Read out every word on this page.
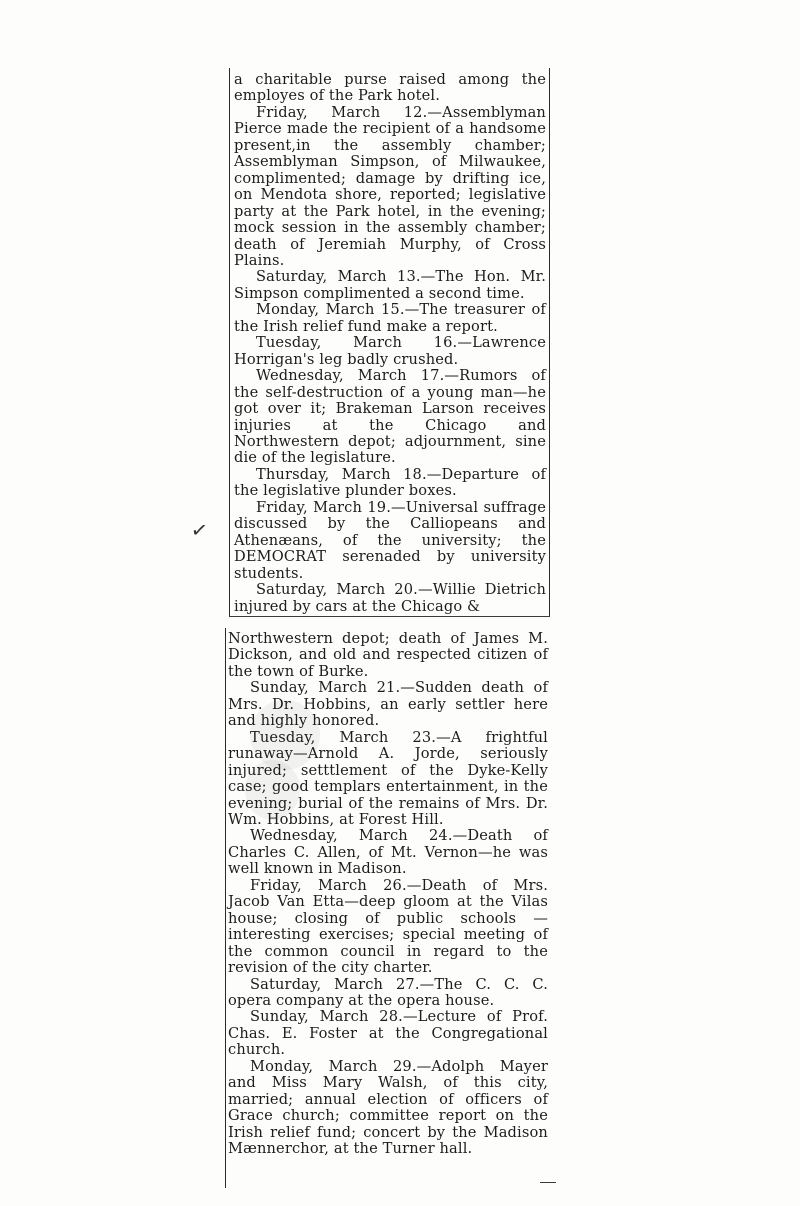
✓

a charitable purse raised among the employes of the Park hotel.

Friday, March 12.—Assemblyman Pierce made the recipient of a handsome present,in the assembly chamber; Assemblyman Simpson, of Milwaukee, complimented; damage by drifting ice, on Mendota shore, reported; legislative party at the Park hotel, in the evening; mock session in the assembly chamber; death of Jeremiah Murphy, of Cross Plains.

Saturday, March 13.—The Hon. Mr. Simpson complimented a second time.

Monday, March 15.—The treasurer of the Irish relief fund make a report.

Tuesday, March 16.—Lawrence Horrigan's leg badly crushed.

Wednesday, March 17.—Rumors of the self-destruction of a young man—he got over it; Brakeman Larson receives injuries at the Chicago and Northwestern depot; adjournment, sine die of the legislature.

Thursday, March 18.—Departure of the legislative plunder boxes.

Friday, March 19.—Universal suffrage discussed by the Calliopeans and Athenæans, of the university; the DEMOCRAT serenaded by university students.

Saturday, March 20.—Willie Dietrich injured by cars at the Chicago &

Northwestern depot; death of James M. Dickson, and old and respected citizen of the town of Burke.

Sunday, March 21.—Sudden death of Mrs. Dr. Hobbins, an early settler here and highly honored.

Tuesday, March 23.—A frightful runaway—Arnold A. Jorde, seriously injured; setttlement of the Dyke-Kelly case; good templars entertainment, in the evening; burial of the remains of Mrs. Dr. Wm. Hobbins, at Forest Hill.

Wednesday, March 24.—Death of Charles C. Allen, of Mt. Vernon—he was well known in Madison.

Friday, March 26.—Death of Mrs. Jacob Van Etta—deep gloom at the Vilas house; closing of public schools —interesting exercises; special meeting of the common council in regard to the revision of the city charter.

Saturday, March 27.—The C. C. C. opera company at the opera house.

Sunday, March 28.—Lecture of Prof. Chas. E. Foster at the Congregational church.

Monday, March 29.—Adolph Mayer and Miss Mary Walsh, of this city, married; annual election of officers of Grace church; committee report on the Irish relief fund; concert by the Madison Mænnerchor, at the Turner hall.
